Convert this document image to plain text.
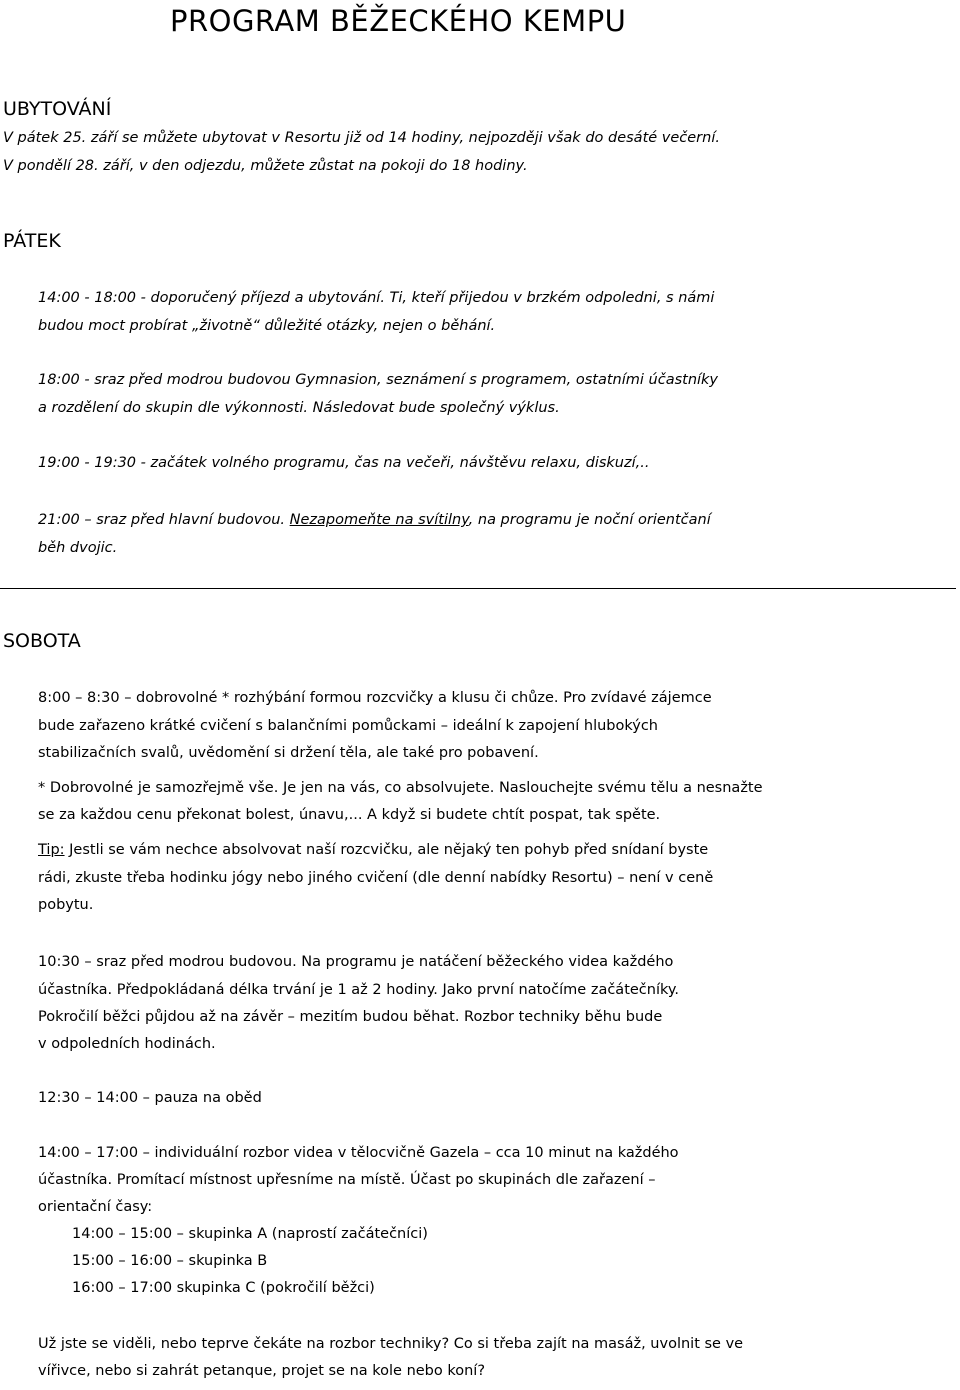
PROGRAM BĚŽECKÉHO KEMPU
UBYTOVÁNÍ
V pátek 25. září se můžete ubytovat v Resortu již od 14 hodiny, nejpozději však do desáté večerní.
V pondělí 28. září, v den odjezdu, můžete zůstat na pokoji do 18 hodiny.
PÁTEK
14:00 - 18:00 - doporučený příjezd a ubytování. Ti, kteří přijedou v brzkém odpoledni, s námi
budou moct probírat „životně“ důležité otázky, nejen o běhání.
18:00 - sraz před modrou budovou Gymnasion, seznámení s programem, ostatními účastníky
a rozdělení do skupin dle výkonnosti. Následovat bude společný výklus.
19:00 - 19:30 - začátek volného programu, čas na večeři, návštěvu relaxu, diskuzí,..
21:00 – sraz před hlavní budovou. Nezapomeňte na svítilny, na programu je noční orientčaní
běh dvojic.
SOBOTA
8:00 – 8:30 – dobrovolné * rozhýbání formou rozcvičky a klusu či chůze. Pro zvídavé zájemce
bude zařazeno krátké cvičení s balančními pomůckami – ideální k zapojení hlubokých
stabilizačních svalů, uvědomění si držení těla, ale také pro pobavení.
* Dobrovolné je samozřejmě vše. Je jen na vás, co absolvujete. Naslouchejte svému tělu a nesnažte
se za každou cenu překonat bolest, únavu,... A když si budete chtít pospat, tak spěte.
Tip: Jestli se vám nechce absolvovat naší rozcvičku, ale nějaký ten pohyb před snídaní byste
rádi, zkuste třeba hodinku jógy nebo jiného cvičení (dle denní nabídky Resortu) – není v ceně
pobytu.
10:30 – sraz před modrou budovou. Na programu je natáčení běžeckého videa každého
účastníka. Předpokládaná délka trvání je 1 až 2 hodiny. Jako první natočíme začátečníky.
Pokročilí běžci půjdou až na závěr – mezitím budou běhat. Rozbor techniky běhu bude
v odpoledních hodinách.
12:30 – 14:00 – pauza na oběd
14:00 – 17:00 – individuální rozbor videa v tělocvičně Gazela – cca 10 minut na každého
účastníka. Promítací místnost upřesníme na místě. Účast po skupinách dle zařazení –
orientační časy:
14:00 – 15:00 – skupinka A (naprostí začátečníci)
15:00 – 16:00 – skupinka B
16:00 – 17:00 skupinka C (pokročilí běžci)
Už jste se viděli, nebo teprve čekáte na rozbor techniky? Co si třeba zajít na masáž, uvolnit se ve
vířivce, nebo si zahrát petanque, projet se na kole nebo koní?
